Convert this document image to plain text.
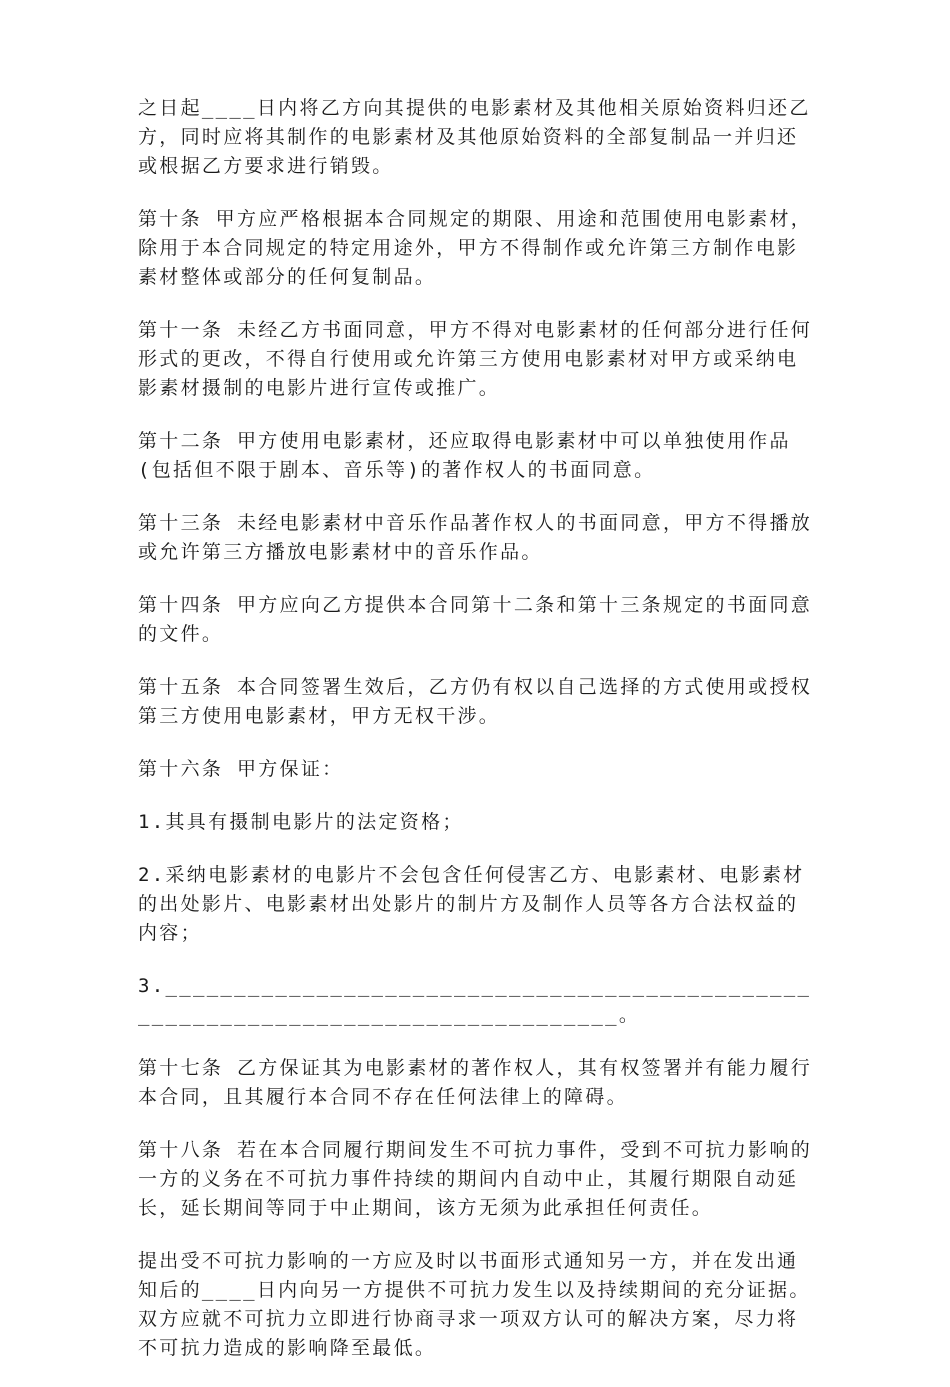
之日起____日内将乙方向其提供的电影素材及其他相关原始资料归还乙方，同时应将其制作的电影素材及其他原始资料的全部复制品一并归还或根据乙方要求进行销毁。

第十条 甲方应严格根据本合同规定的期限、用途和范围使用电影素材，除用于本合同规定的特定用途外，甲方不得制作或允许第三方制作电影素材整体或部分的任何复制品。

第十一条 未经乙方书面同意，甲方不得对电影素材的任何部分进行任何形式的更改，不得自行使用或允许第三方使用电影素材对甲方或采纳电影素材摄制的电影片进行宣传或推广。

第十二条 甲方使用电影素材，还应取得电影素材中可以单独使用作品(包括但不限于剧本、音乐等)的著作权人的书面同意。

第十三条 未经电影素材中音乐作品著作权人的书面同意，甲方不得播放或允许第三方播放电影素材中的音乐作品。

第十四条 甲方应向乙方提供本合同第十二条和第十三条规定的书面同意的文件。

第十五条 本合同签署生效后，乙方仍有权以自己选择的方式使用或授权第三方使用电影素材，甲方无权干涉。

第十六条 甲方保证：

1.其具有摄制电影片的法定资格；

2.采纳电影素材的电影片不会包含任何侵害乙方、电影素材、电影素材的出处影片、电影素材出处影片的制片方及制作人员等各方合法权益的内容；

3.__________________________________________________________________________________。

第十七条 乙方保证其为电影素材的著作权人，其有权签署并有能力履行本合同，且其履行本合同不存在任何法律上的障碍。

第十八条 若在本合同履行期间发生不可抗力事件，受到不可抗力影响的一方的义务在不可抗力事件持续的期间内自动中止，其履行期限自动延长，延长期间等同于中止期间，该方无须为此承担任何责任。

提出受不可抗力影响的一方应及时以书面形式通知另一方，并在发出通知后的____日内向另一方提供不可抗力发生以及持续期间的充分证据。双方应就不可抗力立即进行协商寻求一项双方认可的解决方案，尽力将不可抗力造成的影响降至最低。
